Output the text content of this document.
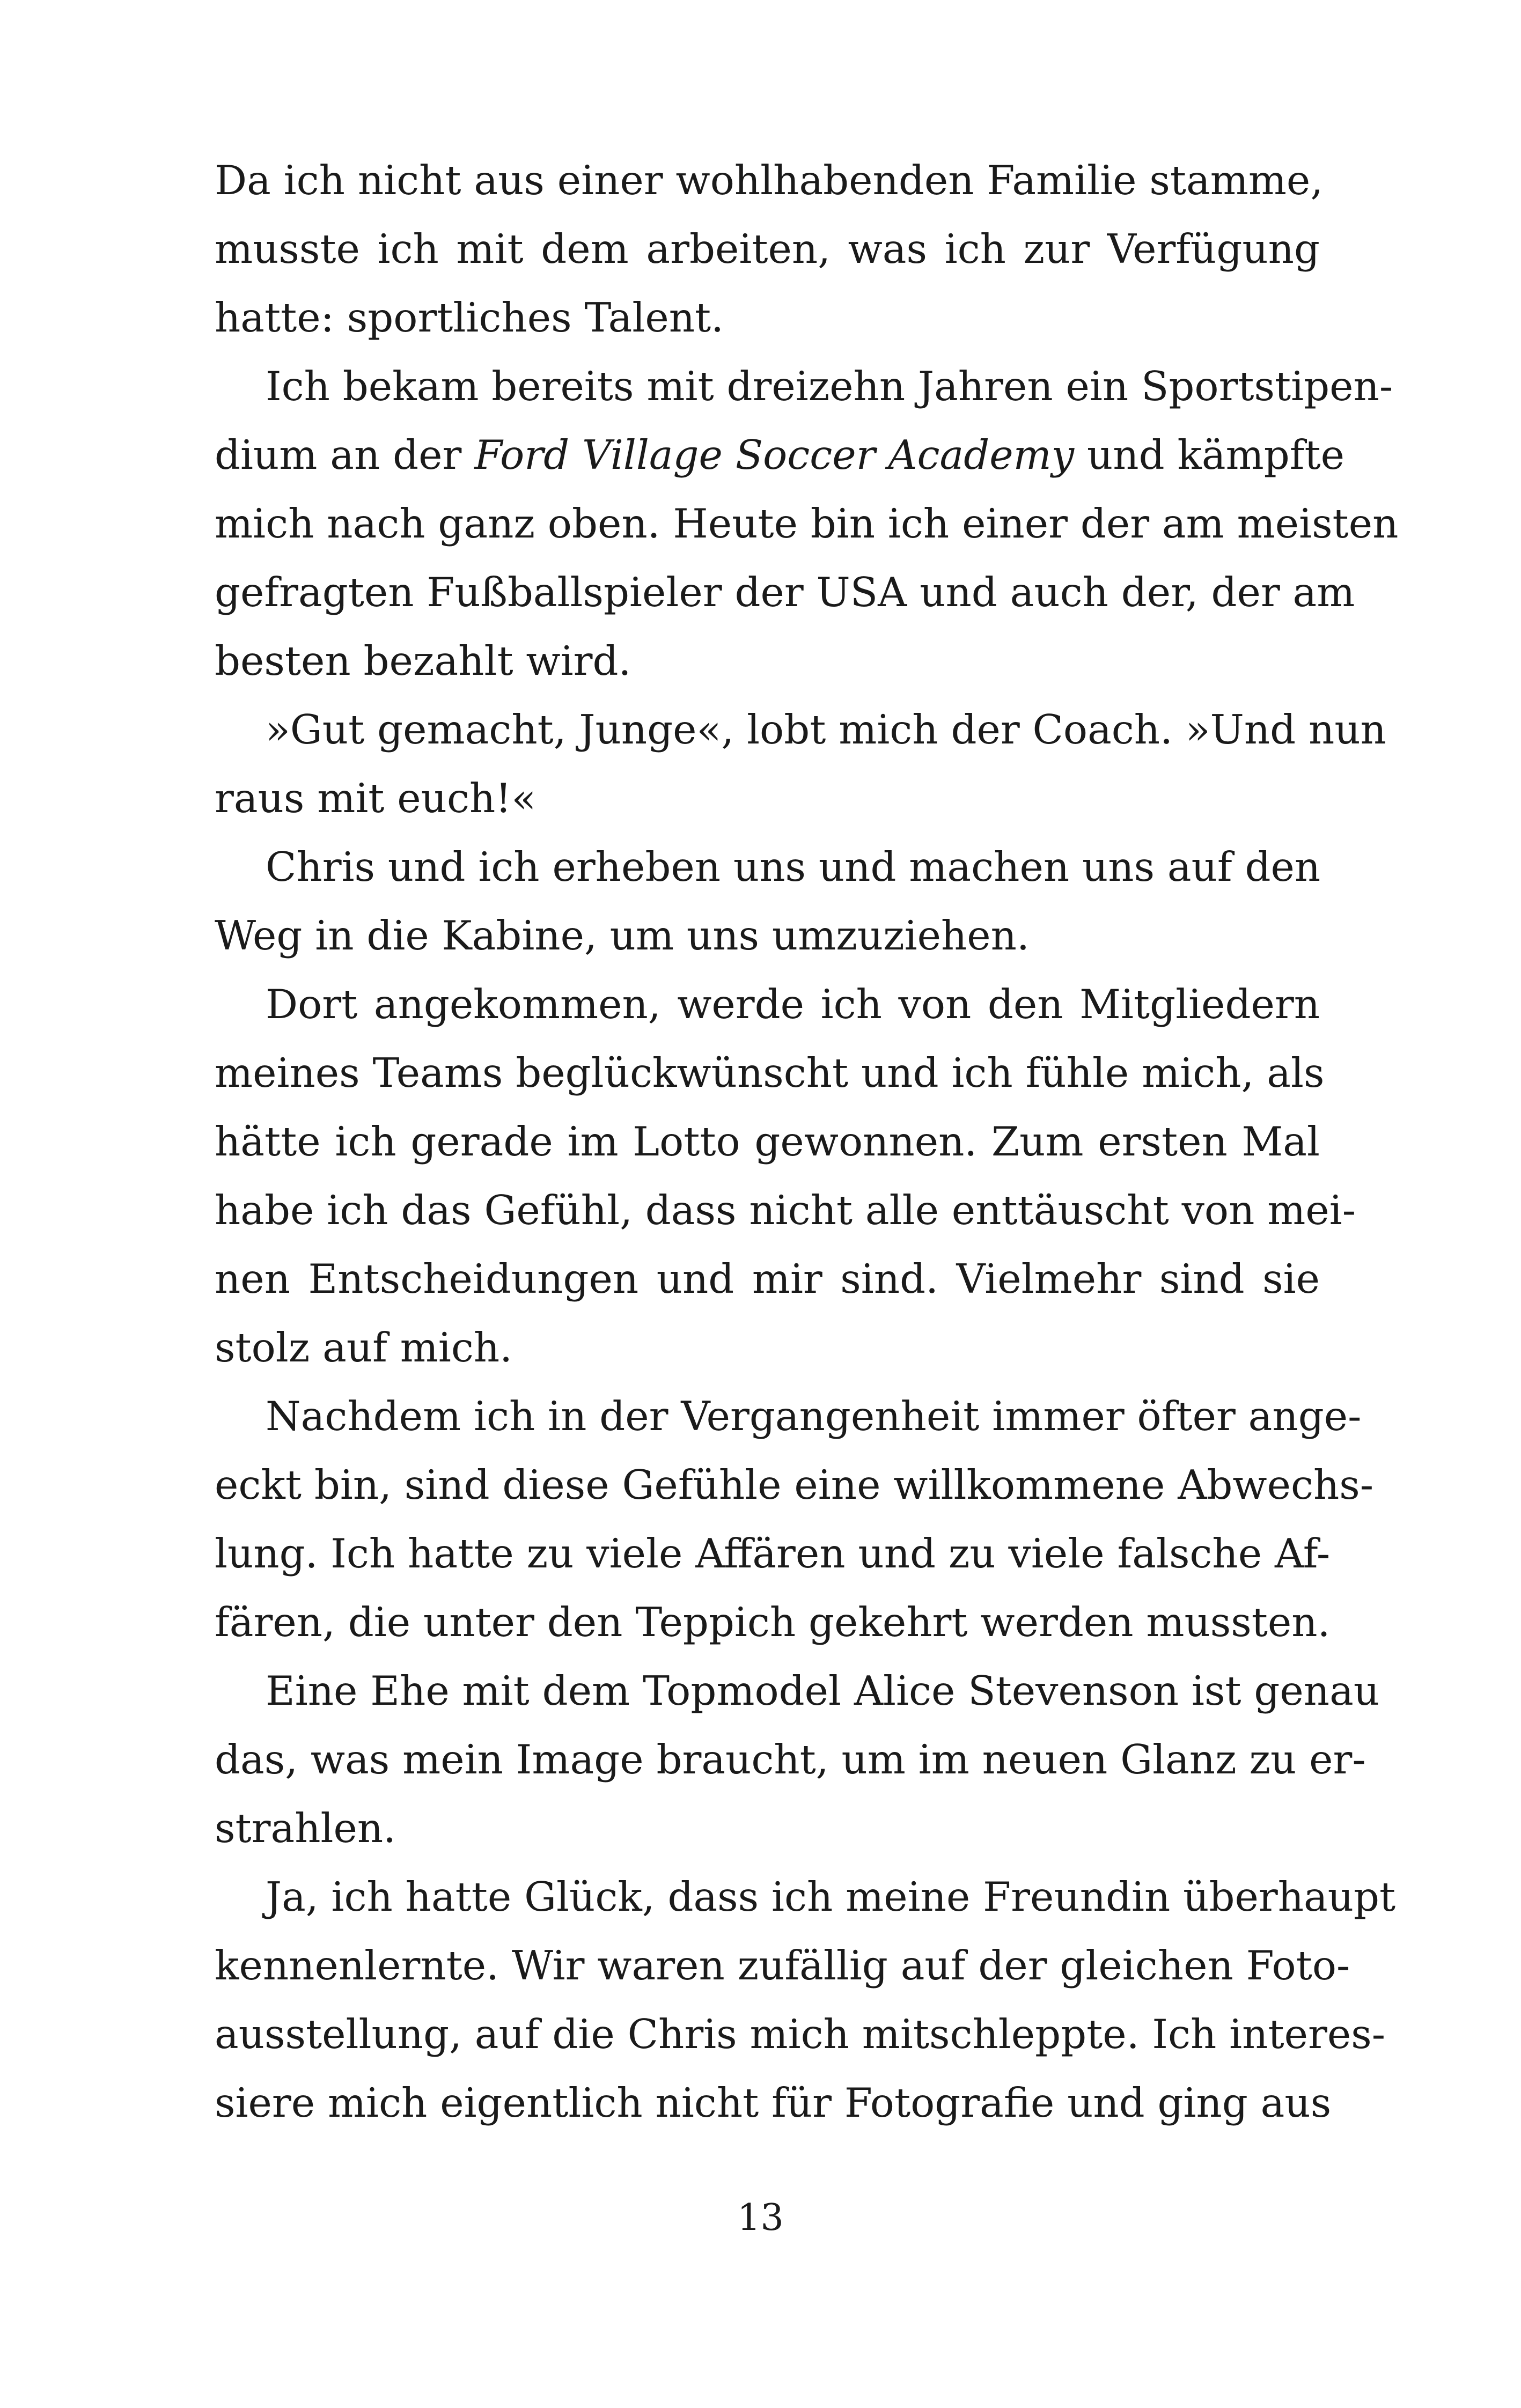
Da ich nicht aus einer wohlhabenden Familie stamme,
musste ich mit dem arbeiten, was ich zur Verfügung
hatte: sportliches Talent.
Ich bekam bereits mit dreizehn Jahren ein Sportstipen-
dium an der Ford Village Soccer Academy und kämpfte
mich nach ganz oben. Heute bin ich einer der am meisten
gefragten Fußballspieler der USA und auch der, der am
besten bezahlt wird.
»Gut gemacht, Junge«, lobt mich der Coach. »Und nun
raus mit euch!«
Chris und ich erheben uns und machen uns auf den
Weg in die Kabine, um uns umzuziehen.
Dort angekommen, werde ich von den Mitgliedern
meines Teams beglückwünscht und ich fühle mich, als
hätte ich gerade im Lotto gewonnen. Zum ersten Mal
habe ich das Gefühl, dass nicht alle enttäuscht von mei-
nen Entscheidungen und mir sind. Vielmehr sind sie
stolz auf mich.
Nachdem ich in der Vergangenheit immer öfter ange-
eckt bin, sind diese Gefühle eine willkommene Abwechs-
lung. Ich hatte zu viele Affären und zu viele falsche Af-
fären, die unter den Teppich gekehrt werden mussten.
Eine Ehe mit dem Topmodel Alice Stevenson ist genau
das, was mein Image braucht, um im neuen Glanz zu er-
strahlen.
Ja, ich hatte Glück, dass ich meine Freundin überhaupt
kennenlernte. Wir waren zufällig auf der gleichen Foto-
ausstellung, auf die Chris mich mitschleppte. Ich interes-
siere mich eigentlich nicht für Fotografie und ging aus
13
